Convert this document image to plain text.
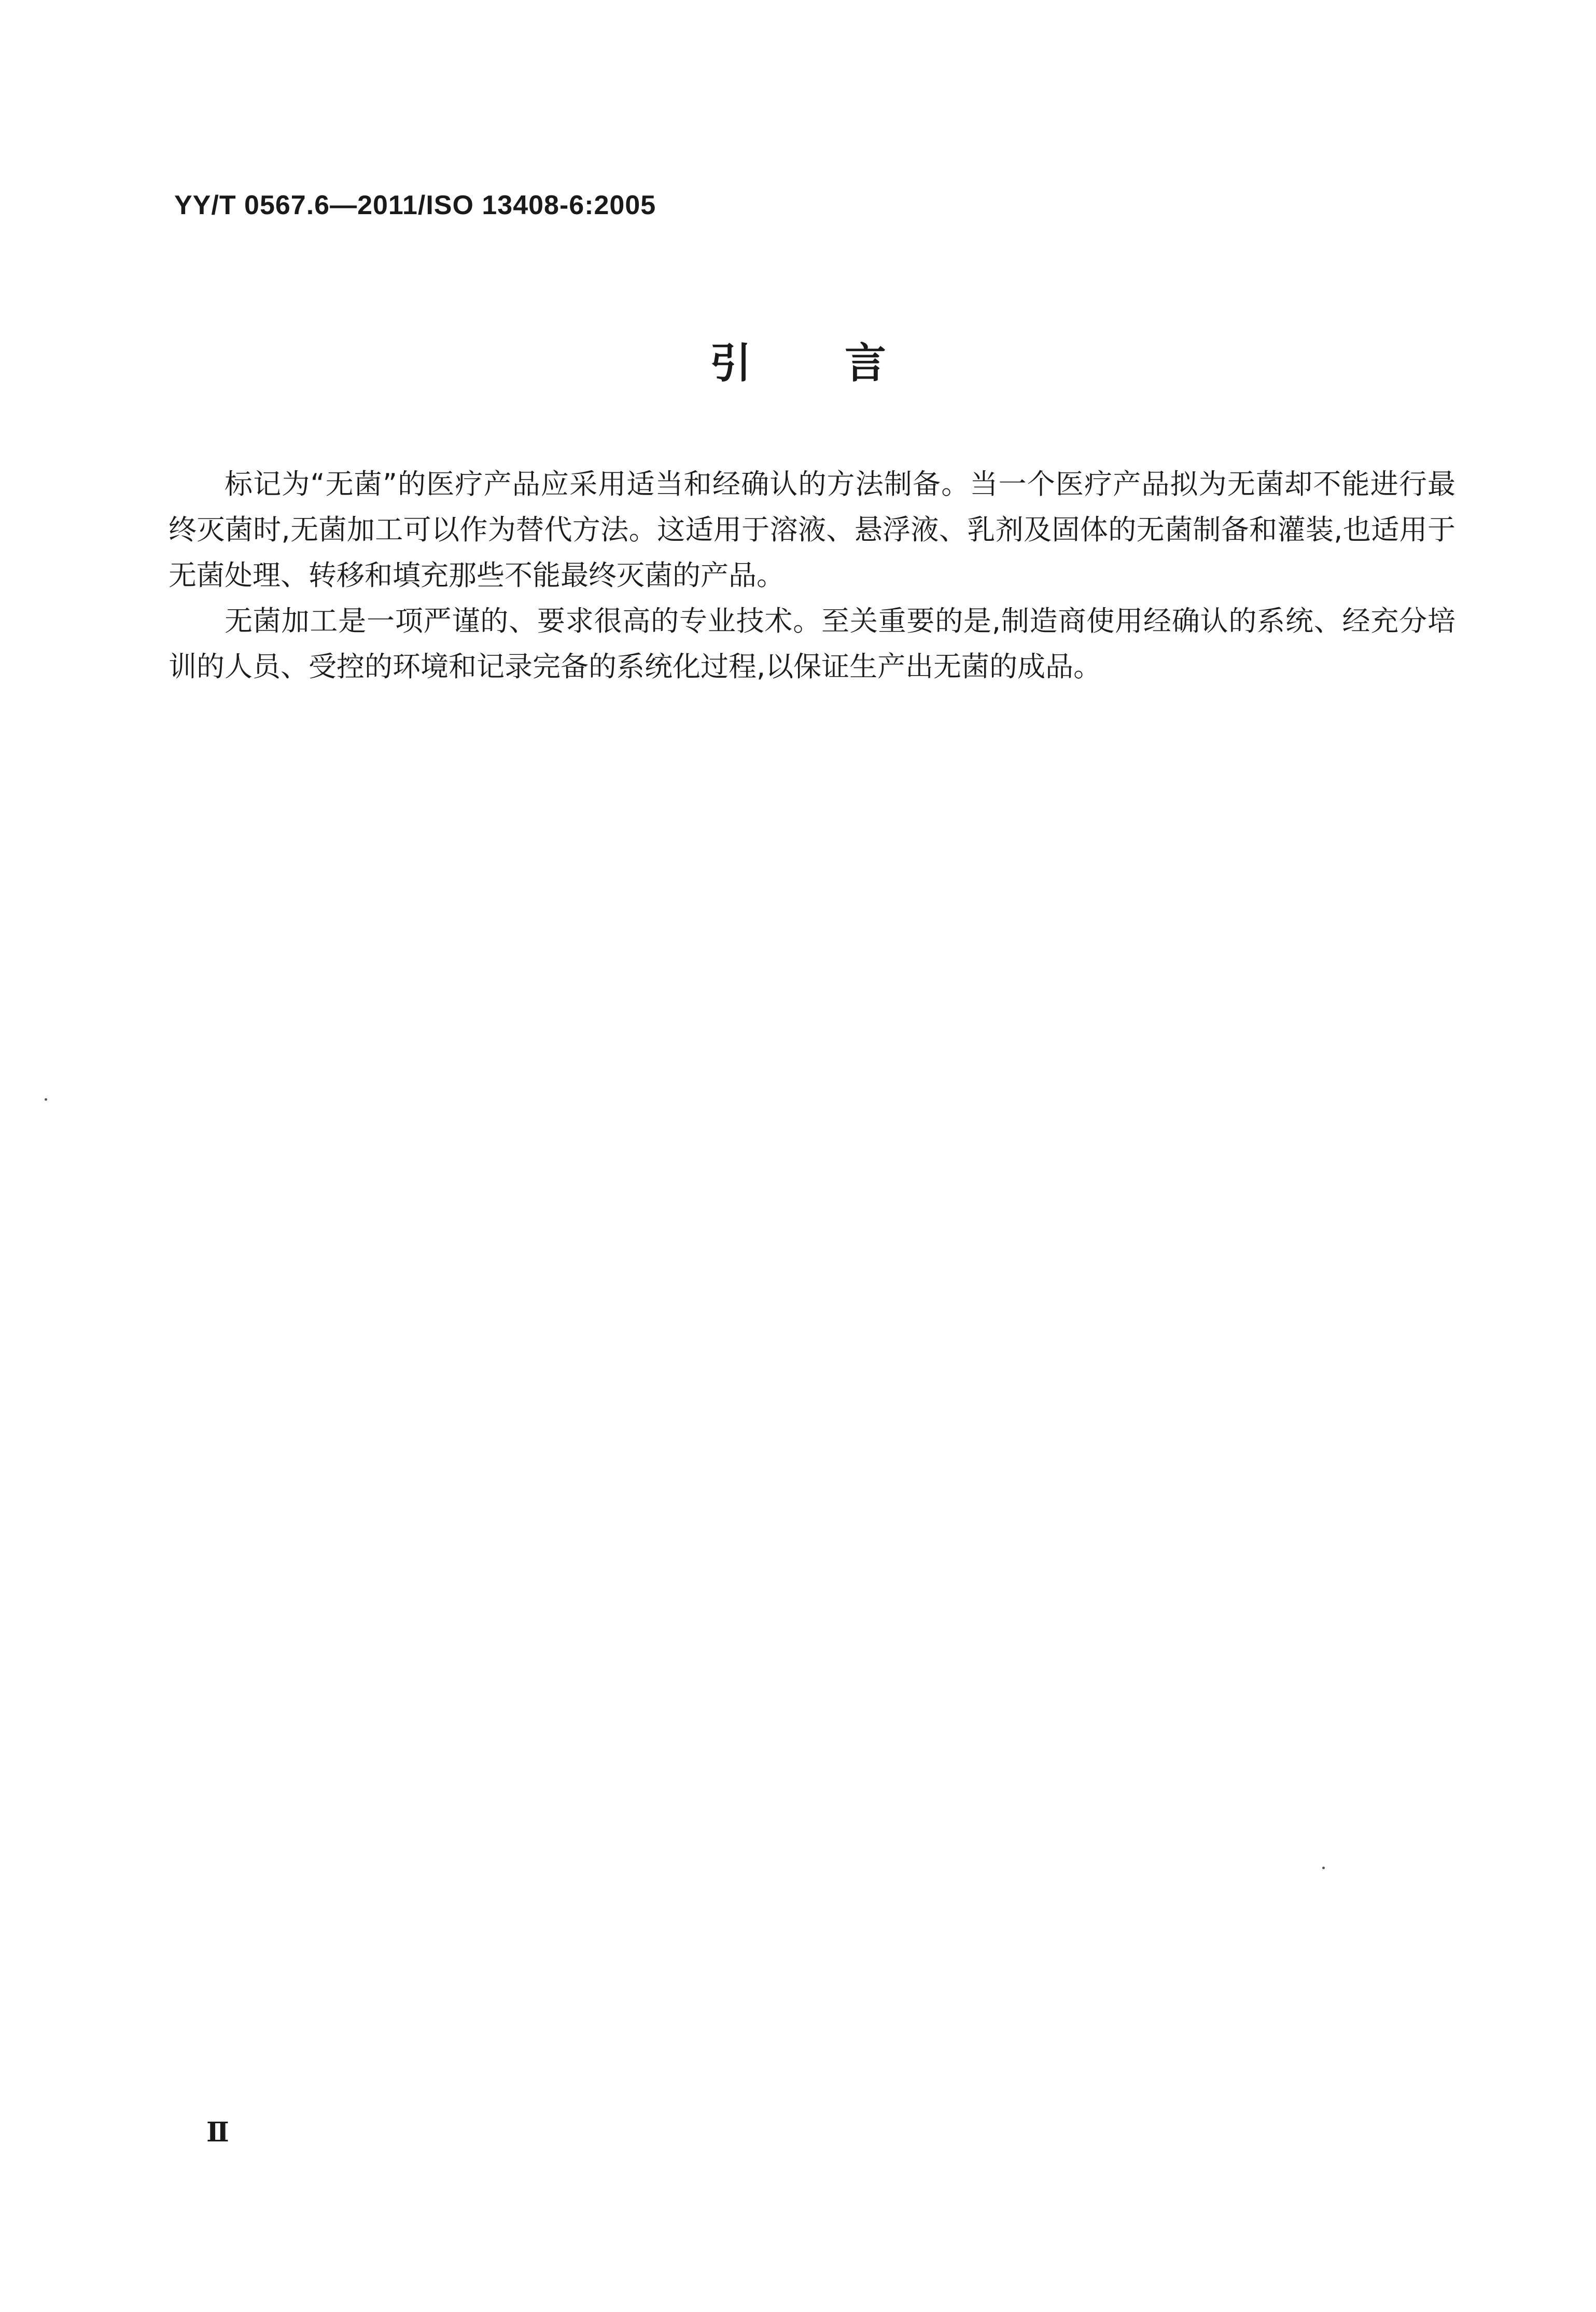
YY/T 0567.6—2011/ISO 13408-6:2005
引言

标记为“无菌”的医疗产品应采用适当和经确认的方法制备。当一个医疗产品拟为无菌却不能进行最终灭菌时,无菌加工可以作为替代方法。这适用于溶液、悬浮液、乳剂及固体的无菌制备和灌装,也适用于无菌处理、转移和填充那些不能最终灭菌的产品。

无菌加工是一项严谨的、要求很高的专业技术。至关重要的是,制造商使用经确认的系统、经充分培训的人员、受控的环境和记录完备的系统化过程,以保证生产出无菌的成品。

Ⅱ
